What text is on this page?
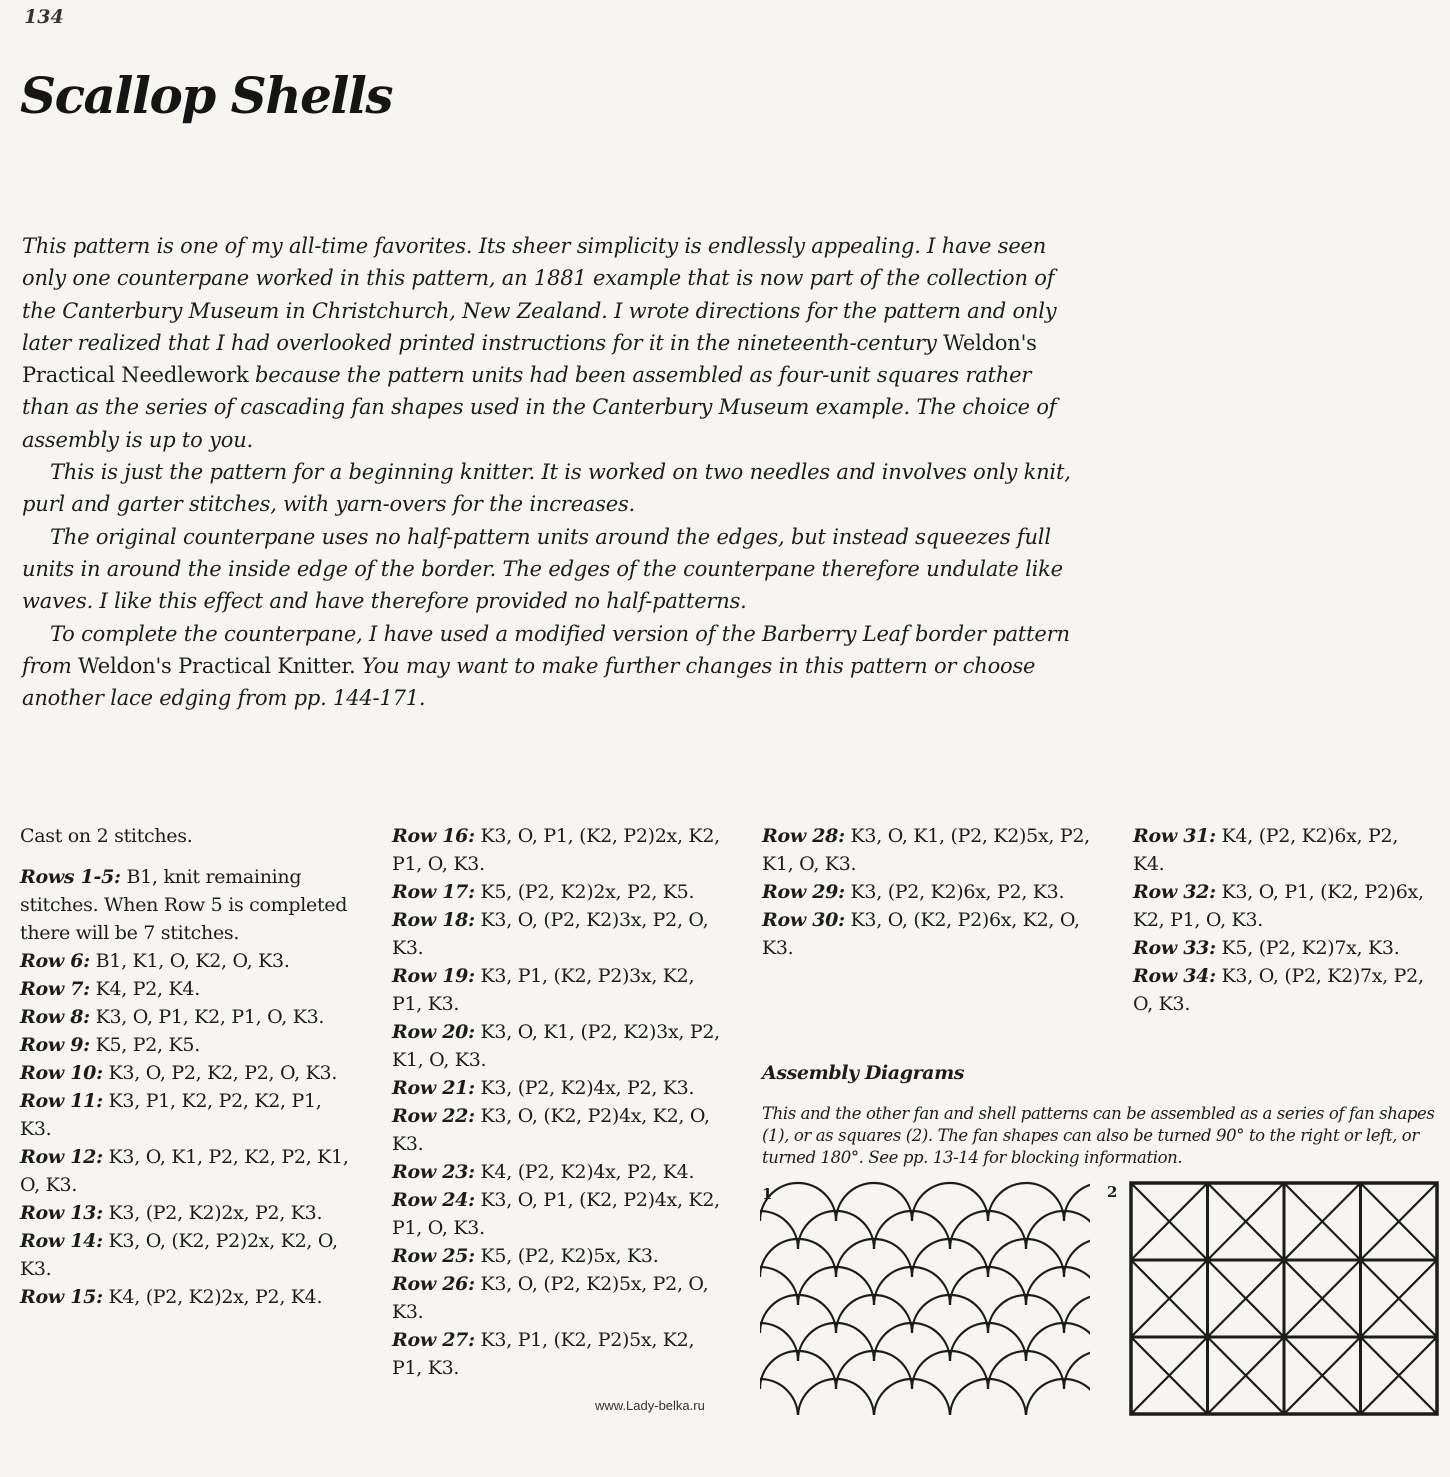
134
Scallop Shells

This pattern is one of my all-time favorites. Its sheer simplicity is endlessly appealing. I have seen only one counterpane worked in this pattern, an 1881 example that is now part of the collection of the Canterbury Museum in Christchurch, New Zealand. I wrote directions for the pattern and only later realized that I had overlooked printed instructions for it in the nineteenth-century Weldon's Practical Needlework because the pattern units had been assembled as four-unit squares rather than as the series of cascading fan shapes used in the Canterbury Museum example. The choice of assembly is up to you.

This is just the pattern for a beginning knitter. It is worked on two needles and involves only knit, purl and garter stitches, with yarn-overs for the increases.

The original counterpane uses no half-pattern units around the edges, but instead squeezes full units in around the inside edge of the border. The edges of the counterpane therefore undulate like waves. I like this effect and have therefore provided no half-patterns.

To complete the counterpane, I have used a modified version of the Barberry Leaf border pattern from Weldon's Practical Knitter. You may want to make further changes in this pattern or choose another lace edging from pp. 144-171.

Cast on 2 stitches.

Rows 1-5: B1, knit remaining stitches. When Row 5 is completed there will be 7 stitches.

Row 6: B1, K1, O, K2, O, K3.

Row 7: K4, P2, K4.

Row 8: K3, O, P1, K2, P1, O, K3.

Row 9: K5, P2, K5.

Row 10: K3, O, P2, K2, P2, O, K3.

Row 11: K3, P1, K2, P2, K2, P1, K3.

Row 12: K3, O, K1, P2, K2, P2, K1, O, K3.

Row 13: K3, (P2, K2)2x, P2, K3.

Row 14: K3, O, (K2, P2)2x, K2, O, K3.

Row 15: K4, (P2, K2)2x, P2, K4.

Row 16: K3, O, P1, (K2, P2)2x, K2, P1, O, K3.

Row 17: K5, (P2, K2)2x, P2, K5.

Row 18: K3, O, (P2, K2)3x, P2, O, K3.

Row 19: K3, P1, (K2, P2)3x, K2, P1, K3.

Row 20: K3, O, K1, (P2, K2)3x, P2, K1, O, K3.

Row 21: K3, (P2, K2)4x, P2, K3.

Row 22: K3, O, (K2, P2)4x, K2, O, K3.

Row 23: K4, (P2, K2)4x, P2, K4.

Row 24: K3, O, P1, (K2, P2)4x, K2, P1, O, K3.

Row 25: K5, (P2, K2)5x, K3.

Row 26: K3, O, (P2, K2)5x, P2, O, K3.

Row 27: K3, P1, (K2, P2)5x, K2, P1, K3.

Row 28: K3, O, K1, (P2, K2)5x, P2, K1, O, K3.

Row 29: K3, (P2, K2)6x, P2, K3.

Row 30: K3, O, (K2, P2)6x, K2, O, K3.

Row 31: K4, (P2, K2)6x, P2, K4.

Row 32: K3, O, P1, (K2, P2)6x, K2, P1, O, K3.

Row 33: K5, (P2, K2)7x, K3.

Row 34: K3, O, (P2, K2)7x, P2, O, K3.

Assembly Diagrams
This and the other fan and shell patterns can be assembled as a series of fan shapes (1), or as squares (2). The fan shapes can also be turned 90° to the right or left, or turned 180°. See pp. 13-14 for blocking information.
1	2
www.Lady-belka.ru
